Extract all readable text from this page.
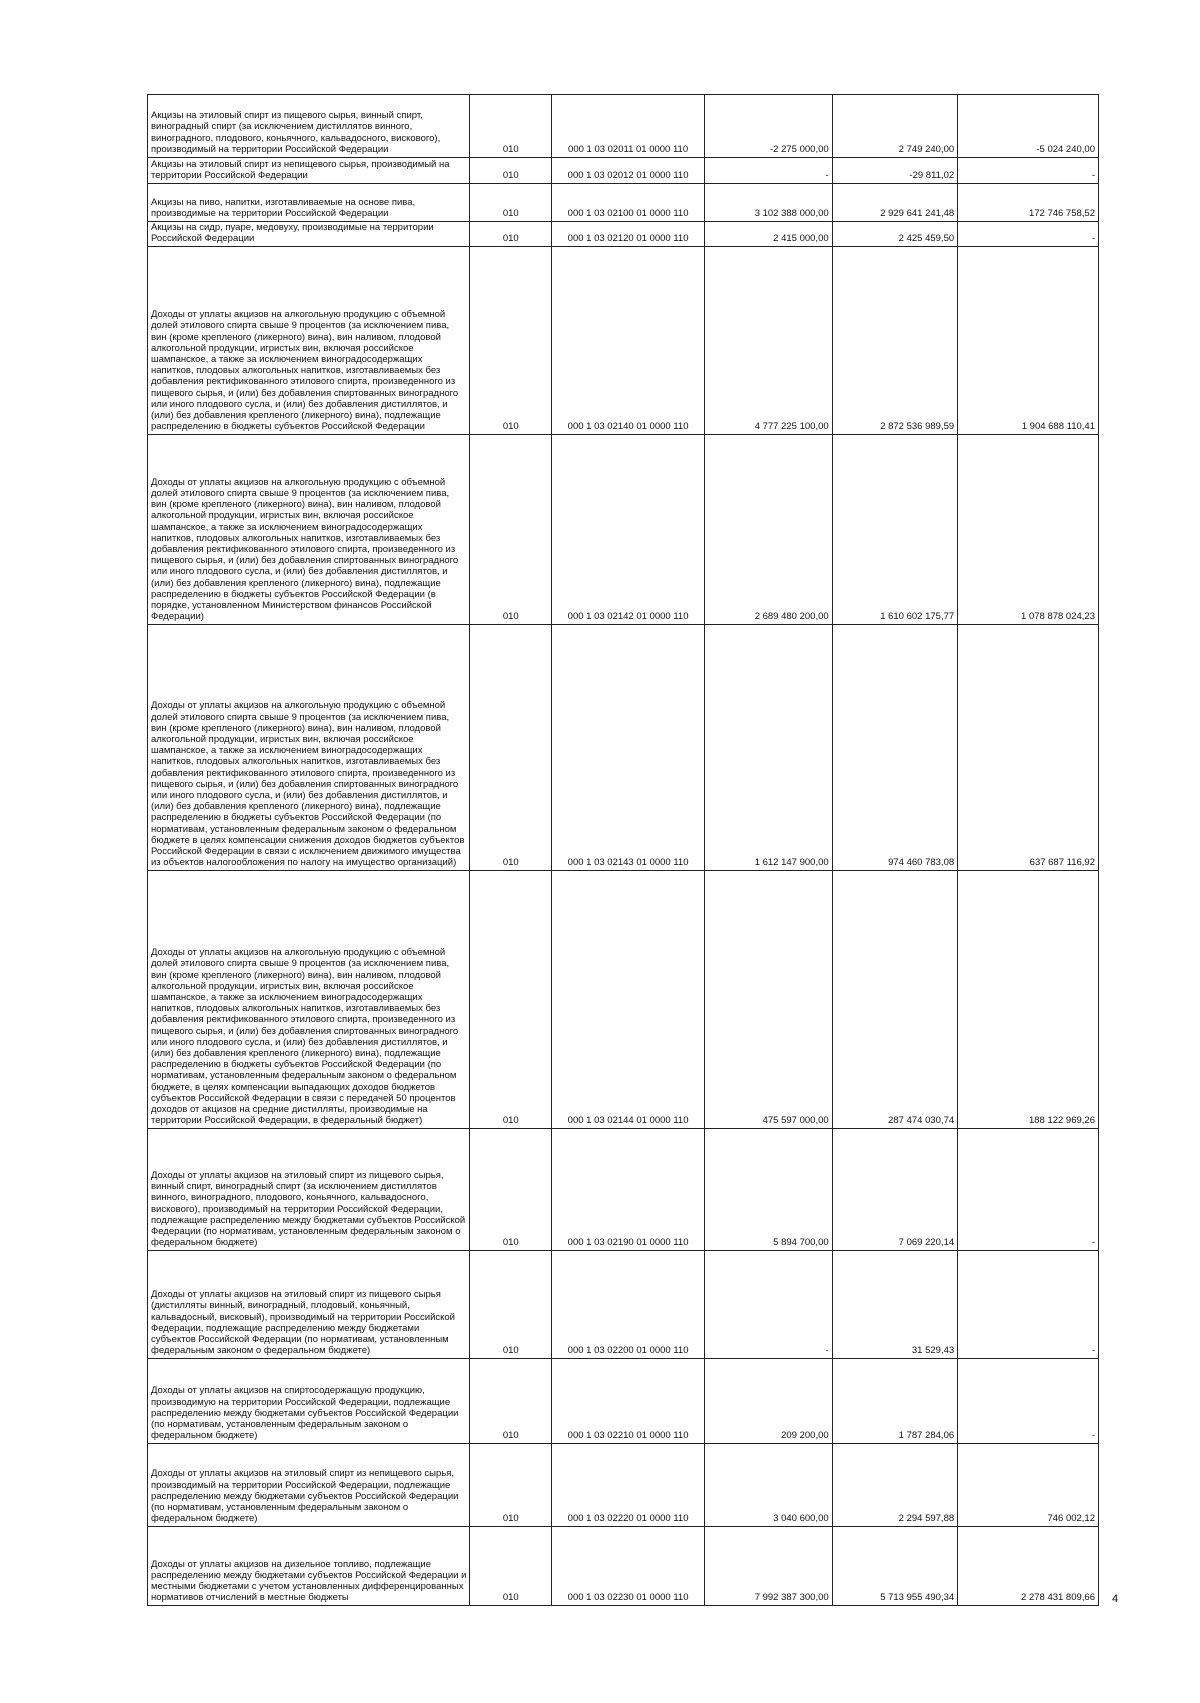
Акцизы на этиловый спирт из пищевого сырья, винный спирт, виноградный спирт (за исключением дистиллятов винного, виноградного, плодового, коньячного, кальвадосного, вискового), производимый на территории Российской Федерации	010	000 1 03 02011 01 0000 110	-2 275 000,00	2 749 240,00	-5 024 240,00
Акцизы на этиловый спирт из непищевого сырья, производимый на территории Российской Федерации	010	000 1 03 02012 01 0000 110	-	-29 811,02	-
Акцизы на пиво, напитки, изготавливаемые на основе пива, производимые на территории Российской Федерации	010	000 1 03 02100 01 0000 110	3 102 388 000,00	2 929 641 241,48	172 746 758,52
Акцизы на сидр, пуаре, медовуху, производимые на территории Российской Федерации	010	000 1 03 02120 01 0000 110	2 415 000,00	2 425 459,50	-
Доходы от уплаты акцизов на алкогольную продукцию с объемной долей этилового спирта свыше 9 процентов (за исключением пива, вин (кроме крепленого (ликерного) вина), вин наливом, плодовой алкогольной продукции, игристых вин, включая российское шампанское, а также за исключением виноградосодержащих напитков, плодовых алкогольных напитков, изготавливаемых без добавления ректификованного этилового спирта, произведенного из пищевого сырья, и (или) без добавления спиртованных виноградного или иного плодового сусла, и (или) без добавления дистиллятов, и (или) без добавления крепленого (ликерного) вина), подлежащие распределению в бюджеты субъектов Российской Федерации	010	000 1 03 02140 01 0000 110	4 777 225 100,00	2 872 536 989,59	1 904 688 110,41
Доходы от уплаты акцизов на алкогольную продукцию с объемной долей этилового спирта свыше 9 процентов (за исключением пива, вин (кроме крепленого (ликерного) вина), вин наливом, плодовой алкогольной продукции, игристых вин, включая российское шампанское, а также за исключением виноградосодержащих напитков, плодовых алкогольных напитков, изготавливаемых без добавления ректификованного этилового спирта, произведенного из пищевого сырья, и (или) без добавления спиртованных виноградного или иного плодового сусла, и (или) без добавления дистиллятов, и (или) без добавления крепленого (ликерного) вина), подлежащие распределению в бюджеты субъектов Российской Федерации (в порядке, установленном Министерством финансов Российской Федерации)	010	000 1 03 02142 01 0000 110	2 689 480 200,00	1 610 602 175,77	1 078 878 024,23
Доходы от уплаты акцизов на алкогольную продукцию с объемной долей этилового спирта свыше 9 процентов (за исключением пива, вин (кроме крепленого (ликерного) вина), вин наливом, плодовой алкогольной продукции, игристых вин, включая российское шампанское, а также за исключением виноградосодержащих напитков, плодовых алкогольных напитков, изготавливаемых без добавления ректификованного этилового спирта, произведенного из пищевого сырья, и (или) без добавления спиртованных виноградного или иного плодового сусла, и (или) без добавления дистиллятов, и (или) без добавления крепленого (ликерного) вина), подлежащие распределению в бюджеты субъектов Российской Федерации (по нормативам, установленным федеральным законом о федеральном бюджете в целях компенсации снижения доходов бюджетов субъектов Российской Федерации в связи с исключением движимого имущества из объектов налогообложения по налогу на имущество организаций)	010	000 1 03 02143 01 0000 110	1 612 147 900,00	974 460 783,08	637 687 116,92
Доходы от уплаты акцизов на алкогольную продукцию с объемной долей этилового спирта свыше 9 процентов (за исключением пива, вин (кроме крепленого (ликерного) вина), вин наливом, плодовой алкогольной продукции, игристых вин, включая российское шампанское, а также за исключением виноградосодержащих напитков, плодовых алкогольных напитков, изготавливаемых без добавления ректификованного этилового спирта, произведенного из пищевого сырья, и (или) без добавления спиртованных виноградного или иного плодового сусла, и (или) без добавления дистиллятов, и (или) без добавления крепленого (ликерного) вина), подлежащие распределению в бюджеты субъектов Российской Федерации (по нормативам, установленным федеральным законом о федеральном бюджете, в целях компенсации выпадающих доходов бюджетов субъектов Российской Федерации в связи с передачей 50 процентов доходов от акцизов на средние дистилляты, производимые на территории Российской Федерации, в федеральный бюджет)	010	000 1 03 02144 01 0000 110	475 597 000,00	287 474 030,74	188 122 969,26
Доходы от уплаты акцизов на этиловый спирт из пищевого сырья, винный спирт, виноградный спирт (за исключением дистиллятов винного, виноградного, плодового, коньячного, кальвадосного, вискового), производимый на территории Российской Федерации, подлежащие распределению между бюджетами субъектов Российской Федерации (по нормативам, установленным федеральным законом о федеральном бюджете)	010	000 1 03 02190 01 0000 110	5 894 700,00	7 069 220,14	-
Доходы от уплаты акцизов на этиловый спирт из пищевого сырья (дистилляты винный, виноградный, плодовый, коньячный, кальвадосный, висковый), производимый на территории Российской Федерации, подлежащие распределению между бюджетами субъектов Российской Федерации (по нормативам, установленным федеральным законом о федеральном бюджете)	010	000 1 03 02200 01 0000 110	-	31 529,43	-
Доходы от уплаты акцизов на спиртосодержащую продукцию, производимую на территории Российской Федерации, подлежащие распределению между бюджетами субъектов Российской Федерации (по нормативам, установленным федеральным законом о федеральном бюджете)	010	000 1 03 02210 01 0000 110	209 200,00	1 787 284,06	-
Доходы от уплаты акцизов на этиловый спирт из непищевого сырья, производимый на территории Российской Федерации, подлежащие распределению между бюджетами субъектов Российской Федерации (по нормативам, установленным федеральным законом о федеральном бюджете)	010	000 1 03 02220 01 0000 110	3 040 600,00	2 294 597,88	746 002,12
Доходы от уплаты акцизов на дизельное топливо, подлежащие распределению между бюджетами субъектов Российской Федерации и местными бюджетами с учетом установленных дифференцированных нормативов отчислений в местные бюджеты	010	000 1 03 02230 01 0000 110	7 992 387 300,00	5 713 955 490,34	2 278 431 809,66 4
